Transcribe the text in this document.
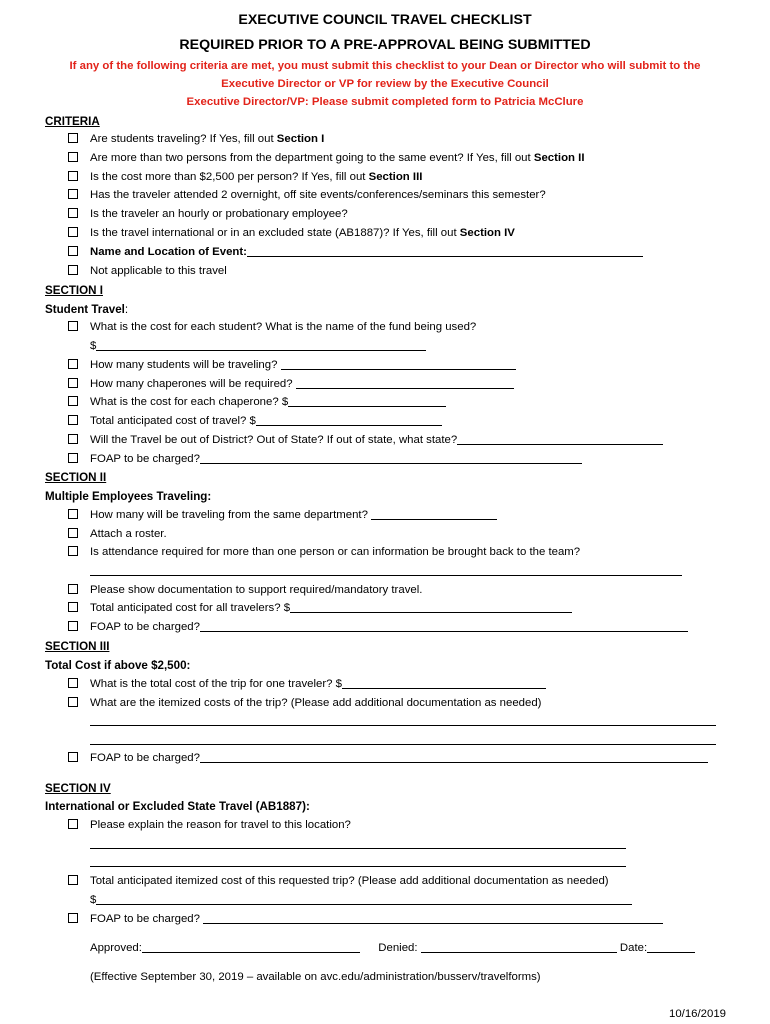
EXECUTIVE COUNCIL TRAVEL CHECKLIST
REQUIRED PRIOR TO A PRE-APPROVAL BEING SUBMITTED
If any of the following criteria are met, you must submit this checklist to your Dean or Director who will submit to the
Executive Director or VP for review by the Executive Council
Executive Director/VP: Please submit completed form to Patricia McClure
CRITERIA
Are students traveling? If Yes, fill out Section I
Are more than two persons from the department going to the same event? If Yes, fill out Section II
Is the cost more than $2,500 per person? If Yes, fill out Section III
Has the traveler attended 2 overnight, off site events/conferences/seminars this semester?
Is the traveler an hourly or probationary employee?
Is the travel international or in an excluded state (AB1887)? If Yes, fill out Section IV
Name and Location of Event:
Not applicable to this travel
SECTION I
Student Travel:
What is the cost for each student? What is the name of the fund being used?
$
How many students will be traveling?
How many chaperones will be required?
What is the cost for each chaperone? $
Total anticipated cost of travel? $
Will the Travel be out of District? Out of State? If out of state, what state?
FOAP to be charged?
SECTION II
Multiple Employees Traveling:
How many will be traveling from the same department?
Attach a roster.
Is attendance required for more than one person or can information be brought back to the team?
Please show documentation to support required/mandatory travel.
Total anticipated cost for all travelers? $
FOAP to be charged?
SECTION III
Total Cost if above $2,500:
What is the total cost of the trip for one traveler? $
What are the itemized costs of the trip? (Please add additional documentation as needed)
FOAP to be charged?
SECTION IV
International or Excluded State Travel (AB1887):
Please explain the reason for travel to this location?
Total anticipated itemized cost of this requested trip? (Please add additional documentation as needed)
$
FOAP to be charged?
Approved:	Denied:	Date:
(Effective September 30, 2019 – available on avc.edu/administration/busserv/travelforms)
10/16/2019
